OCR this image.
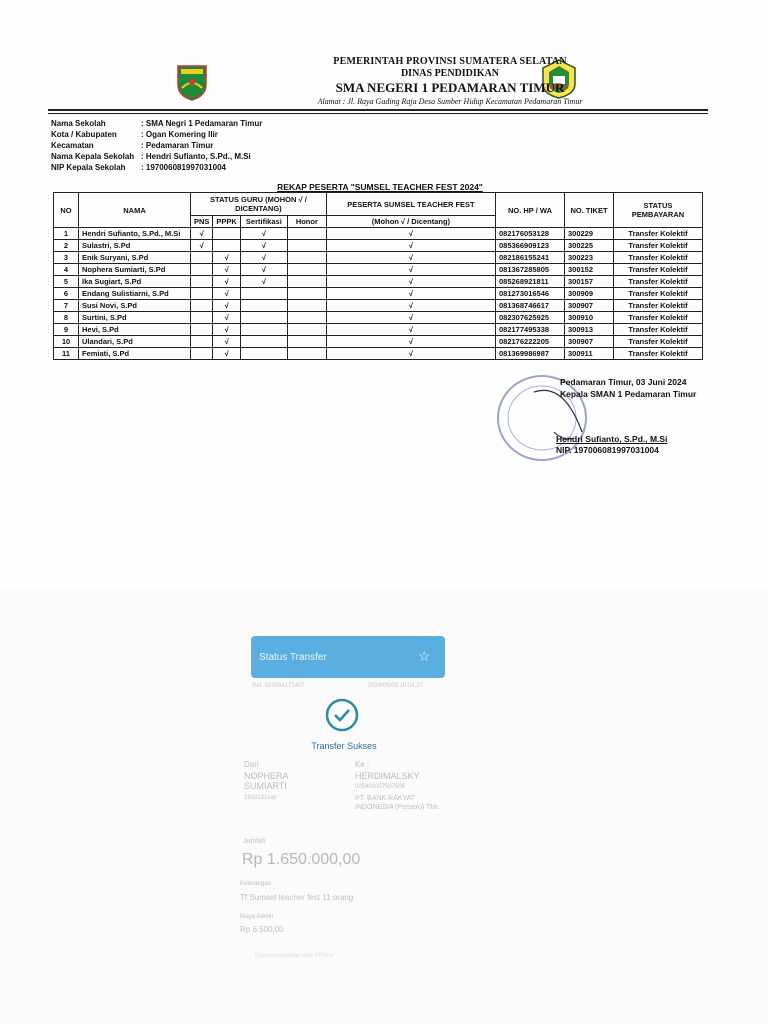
PEMERINTAH PROVINSI SUMATERA SELATAN
DINAS PENDIDIKAN
SMA NEGERI 1 PEDAMARAN TIMUR
Alamat : Jl. Raya Gading Raja Desa Sumber Hidup Kecamatan Pedamaran Timur
Nama Sekolah	: SMA Negri 1 Pedamaran Timur
Kota / Kabupaten	: Ogan Komering Ilir
Kecamatan	: Pedamaran Timur
Nama Kepala Sekolah : Hendri Sufianto, S.Pd., M.Si
NIP Kepala Sekolah	: 197006081997031004
REKAP PESERTA "SUMSEL TEACHER FEST 2024"
NO	NAMA	STATUS GURU (MOHON √ / DICENTANG)				PESERTA SUMSEL TEACHER FEST	NO. HP / WA	NO. TIKET	STATUS PEMBAYARAN
		PNS	PPPK	Sertifikasi	Honor	(Mohon √ / Dicentang)			
1	Hendri Sufianto, S.Pd., M.Si	√		√		√	082176053128	300229	Transfer Kolektif
2	Sulastri, S.Pd	√		√		√	085366909123	300225	Transfer Kolektif
3	Enik Suryani, S.Pd		√	√		√	082186155241	300223	Transfer Kolektif
4	Nophera Sumiarti, S.Pd		√	√		√	081367285805	300152	Transfer Kolektif
5	Ika Sugiart, S.Pd		√	√		√	085268921811	300157	Transfer Kolektif
6	Endang Sulistiarni, S.Pd		√			√	081273016546	300909	Transfer Kolektif
7	Susi Novi, S.Pd		√			√	081368746617	300907	Transfer Kolektif
8	Surtini, S.Pd		√			√	082307625925	300910	Transfer Kolektif
9	Hevi, S.Pd		√			√	082177495338	300913	Transfer Kolektif
10	Ulandari, S.Pd		√			√	082176222205	300907	Transfer Kolektif
11	Femiati, S.Pd		√			√	081369986987	300911	Transfer Kolektif
Pedamaran Timur, 03 Juni 2024
Kepala SMAN 1 Pedamaran Timur
Hendri Sufianto, S.Pd., M.Si
NIP. 197006081997031004
Status Transfer	☆
Ref. 823084172407	2024/06/03 10:04:37
Transfer Sukses
Dari
NOPHERA SUMIARTI
1810131xxx
Ke :
HERDIMALSKY
025401007507506
PT. BANK RAKYAT INDONESIA (Persero) Tbk.
Jumlah
Rp 1.650.000,00
Keterangan
Tf Sumsel teacher fest 11 orang
Biaya Admin
Rp 6.500,00
Dipersembahkan oleh BRImo
